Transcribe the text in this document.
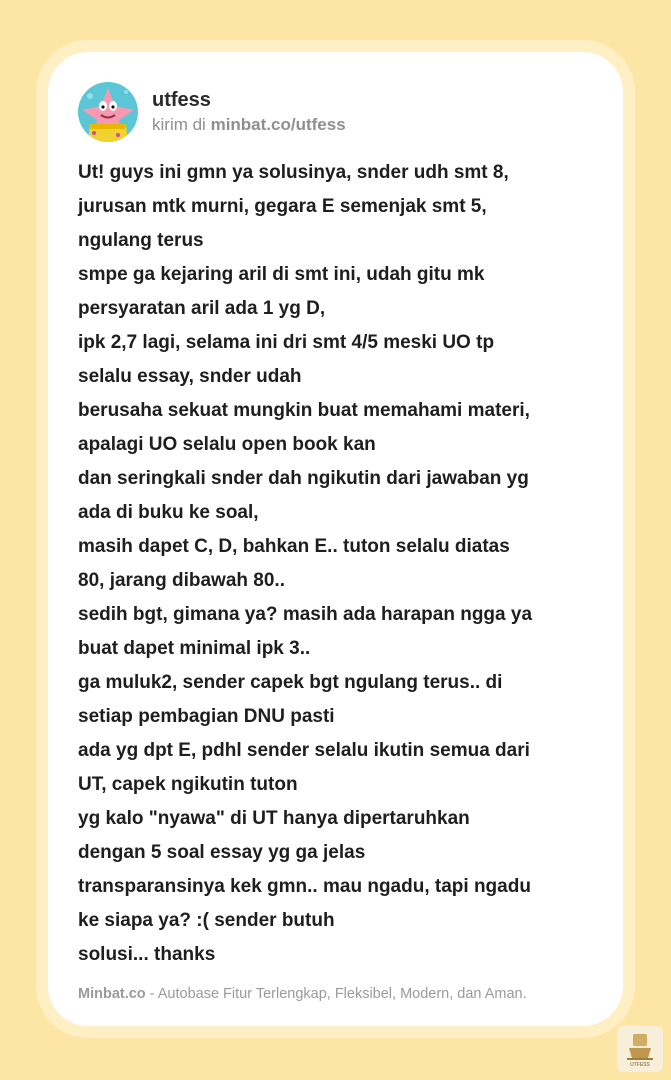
utfess
kirim di minbat.co/utfess
Ut! guys ini gmn ya solusinya, snder udh smt 8,
jurusan mtk murni, gegara E semenjak smt 5,
ngulang terus
smpe ga kejaring aril di smt ini, udah gitu mk
persyaratan aril ada 1 yg D,
ipk 2,7 lagi, selama ini dri smt 4/5 meski UO tp
selalu essay, snder udah
berusaha sekuat mungkin buat memahami materi,
apalagi UO selalu open book kan
dan seringkali snder dah ngikutin dari jawaban yg
ada di buku ke soal,
masih dapet C, D, bahkan E.. tuton selalu diatas
80, jarang dibawah 80..
sedih bgt, gimana ya? masih ada harapan ngga ya
buat dapet minimal ipk 3..
ga muluk2, sender capek bgt ngulang terus.. di
setiap pembagian DNU pasti
ada yg dpt E, pdhl sender selalu ikutin semua dari
UT, capek ngikutin tuton
yg kalo "nyawa" di UT hanya dipertaruhkan
dengan 5 soal essay yg ga jelas
transparansinya kek gmn.. mau ngadu, tapi ngadu
ke siapa ya? :( sender butuh
solusi... thanks
Minbat.co - Autobase Fitur Terlengkap, Fleksibel, Modern, dan Aman.
UTFESS
